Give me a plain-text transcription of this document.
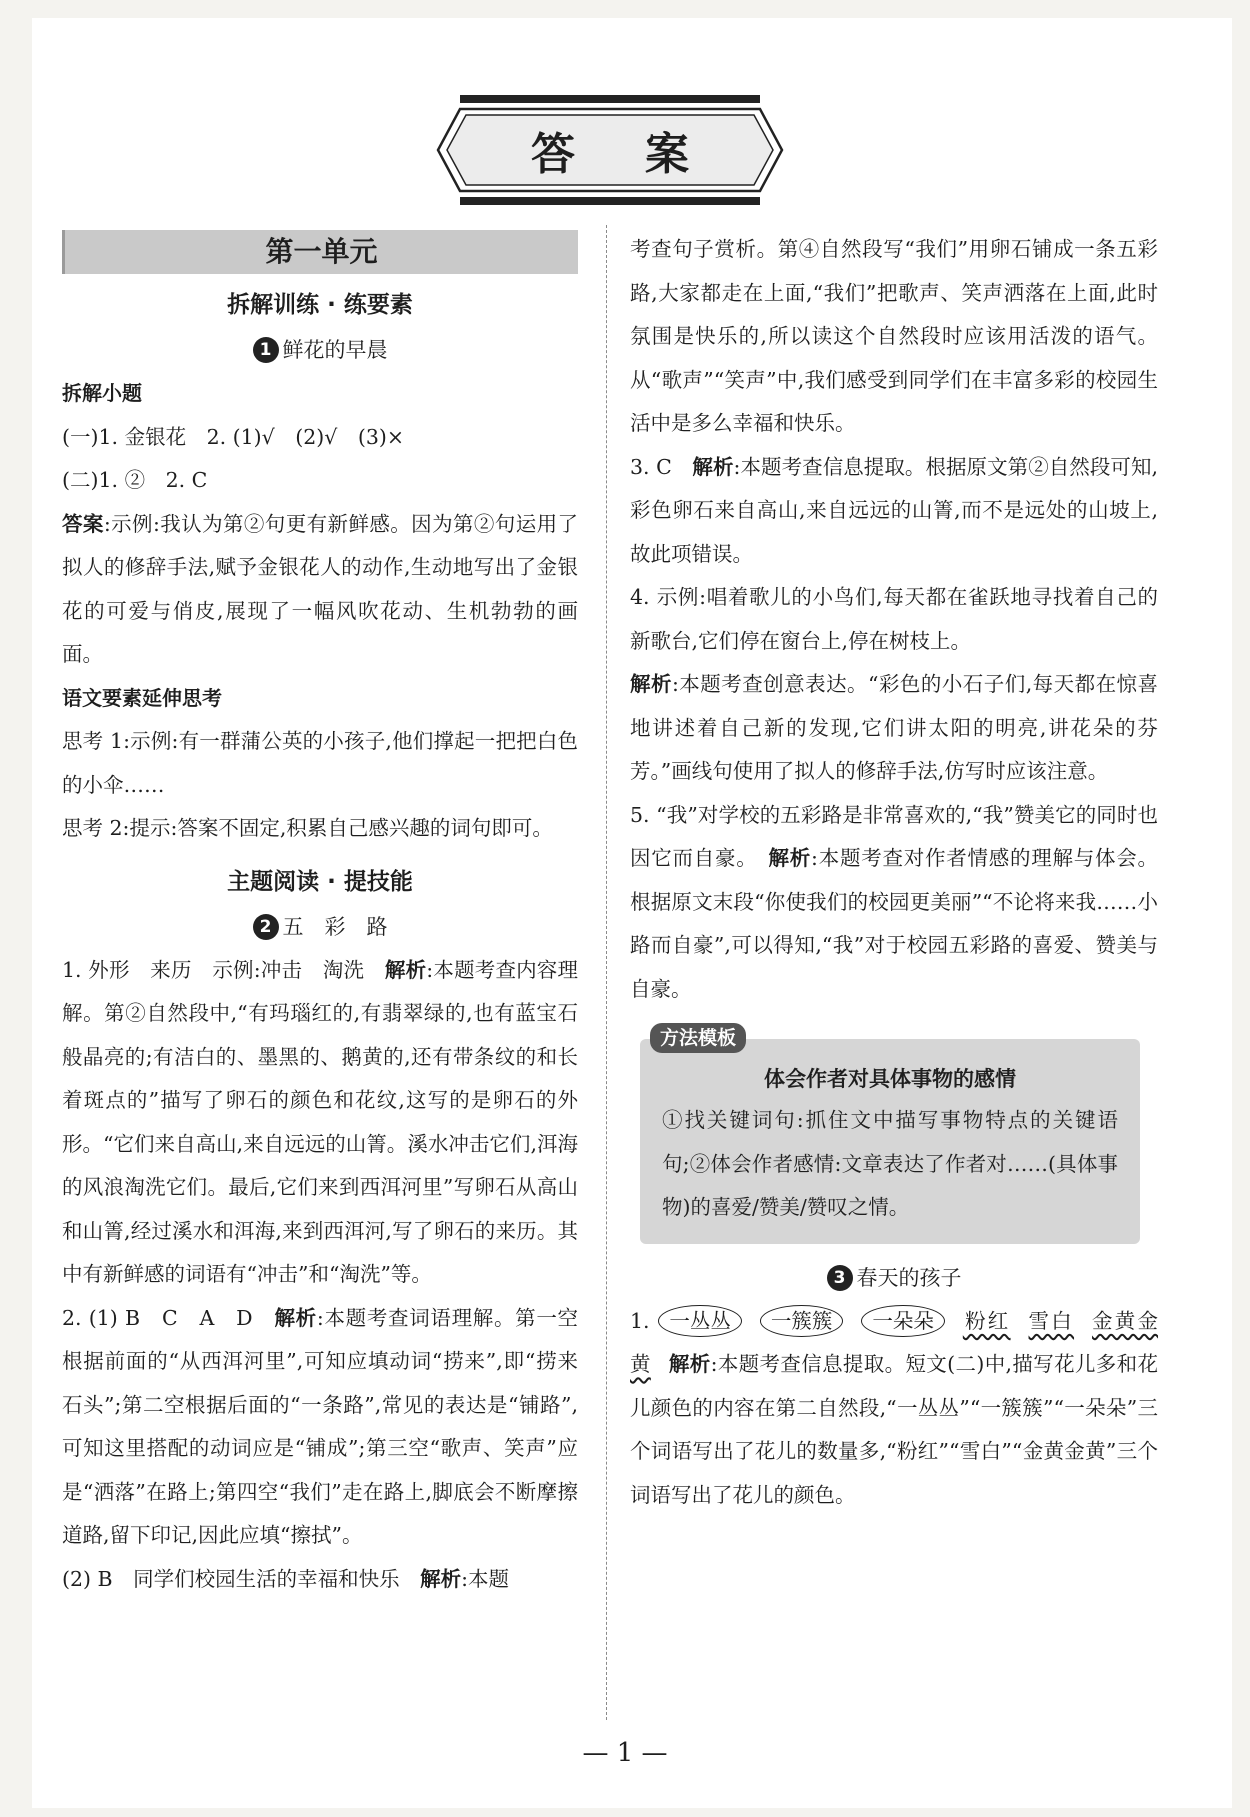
答案
第一单元
拆解训练 · 练要素
1 鲜花的早晨
拆解小题

(一)1. 金银花　2. (1)√　(2)√　(3)×

(二)1. ②　2. C

答案:示例:我认为第②句更有新鲜感。因为第②句运用了拟人的修辞手法,赋予金银花人的动作,生动地写出了金银花的可爱与俏皮,展现了一幅风吹花动、生机勃勃的画面。

语文要素延伸思考

思考 1:示例:有一群蒲公英的小孩子,他们撑起一把把白色的小伞……

思考 2:提示:答案不固定,积累自己感兴趣的词句即可。

主题阅读 · 提技能
2 五　彩　路

1. 外形　来历　示例:冲击　淘洗　解析:本题考查内容理解。第②自然段中,“有玛瑙红的,有翡翠绿的,也有蓝宝石般晶亮的;有洁白的、墨黑的、鹅黄的,还有带条纹的和长着斑点的”描写了卵石的颜色和花纹,这写的是卵石的外形。“它们来自高山,来自远远的山箐。溪水冲击它们,洱海的风浪淘洗它们。最后,它们来到西洱河里”写卵石从高山和山箐,经过溪水和洱海,来到西洱河,写了卵石的来历。其中有新鲜感的词语有“冲击”和“淘洗”等。

2. (1) B　C　A　D　解析:本题考查词语理解。第一空根据前面的“从西洱河里”,可知应填动词“捞来”,即“捞来石头”;第二空根据后面的“一条路”,常见的表达是“铺路”,可知这里搭配的动词应是“铺成”;第三空“歌声、笑声”应是“洒落”在路上;第四空“我们”走在路上,脚底会不断摩擦道路,留下印记,因此应填“擦拭”。

(2) B　同学们校园生活的幸福和快乐　解析:本题

考查句子赏析。第④自然段写“我们”用卵石铺成一条五彩路,大家都走在上面,“我们”把歌声、笑声洒落在上面,此时氛围是快乐的,所以读这个自然段时应该用活泼的语气。从“歌声”“笑声”中,我们感受到同学们在丰富多彩的校园生活中是多么幸福和快乐。

3. C　解析:本题考查信息提取。根据原文第②自然段可知,彩色卵石来自高山,来自远远的山箐,而不是远处的山坡上,故此项错误。

4. 示例:唱着歌儿的小鸟们,每天都在雀跃地寻找着自己的新歌台,它们停在窗台上,停在树枝上。

解析:本题考查创意表达。“彩色的小石子们,每天都在惊喜地讲述着自己新的发现,它们讲太阳的明亮,讲花朵的芬芳。”画线句使用了拟人的修辞手法,仿写时应该注意。

5. “我”对学校的五彩路是非常喜欢的,“我”赞美它的同时也因它而自豪。　解析:本题考查对作者情感的理解与体会。根据原文末段“你使我们的校园更美丽”“不论将来我……小路而自豪”,可以得知,“我”对于校园五彩路的喜爱、赞美与自豪。

方法模板
体会作者对具体事物的感情

①找关键词句:抓住文中描写事物特点的关键语句;②体会作者感情:文章表达了作者对……(具体事物)的喜爱/赞美/赞叹之情。

3 春天的孩子

1. 一丛丛 一簇簇 一朵朵 粉红 雪白 金黄金黄 解析:本题考查信息提取。短文(二)中,描写花儿多和花儿颜色的内容在第二自然段,“一丛丛”“一簇簇”“一朵朵”三个词语写出了花儿的数量多,“粉红”“雪白”“金黄金黄”三个词语写出了花儿的颜色。

— 1 —
